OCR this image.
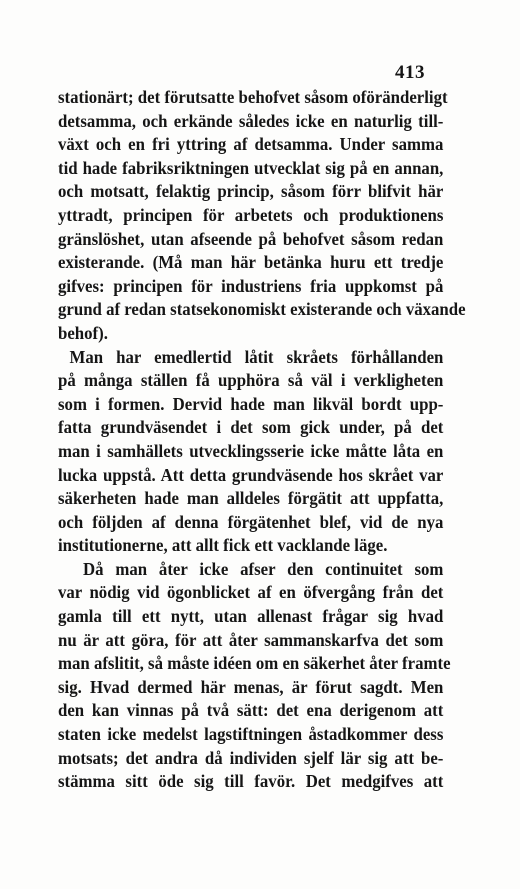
413
stationärt; det förutsatte behofvet såsom oföränderligt
detsamma, och erkände således icke en naturlig till-
växt och en fri yttring af detsamma. Under samma
tid hade fabriksriktningen utvecklat sig på en annan,
och motsatt, felaktig princip, såsom förr blifvit här
yttradt, principen för arbetets och produktionens
gränslöshet, utan afseende på behofvet såsom redan
existerande. (Må man här betänka huru ett tredje
gifves: principen för industriens fria uppkomst på
grund af redan statsekonomiskt existerande och växande
behof).
Man har emedlertid låtit skråets förhållanden
på många ställen få upphöra så väl i verkligheten
som i formen. Dervid hade man likväl bordt upp-
fatta grundväsendet i det som gick under, på det
man i samhällets utvecklingsserie icke måtte låta en
lucka uppstå. Att detta grundväsende hos skrået var
säkerheten hade man alldeles förgätit att uppfatta,
och följden af denna förgätenhet blef, vid de nya
institutionerne, att allt fick ett vacklande läge.
Då man åter icke afser den continuitet som
var nödig vid ögonblicket af en öfvergång från det
gamla till ett nytt, utan allenast frågar sig hvad
nu är att göra, för att åter sammanskarfva det som
man afslitit, så måste idéen om en säkerhet åter framte
sig. Hvad dermed här menas, är förut sagdt. Men
den kan vinnas på två sätt: det ena derigenom att
staten icke medelst lagstiftningen åstadkommer dess
motsats; det andra då individen sjelf lär sig att be-
stämma sitt öde sig till favör. Det medgifves att
